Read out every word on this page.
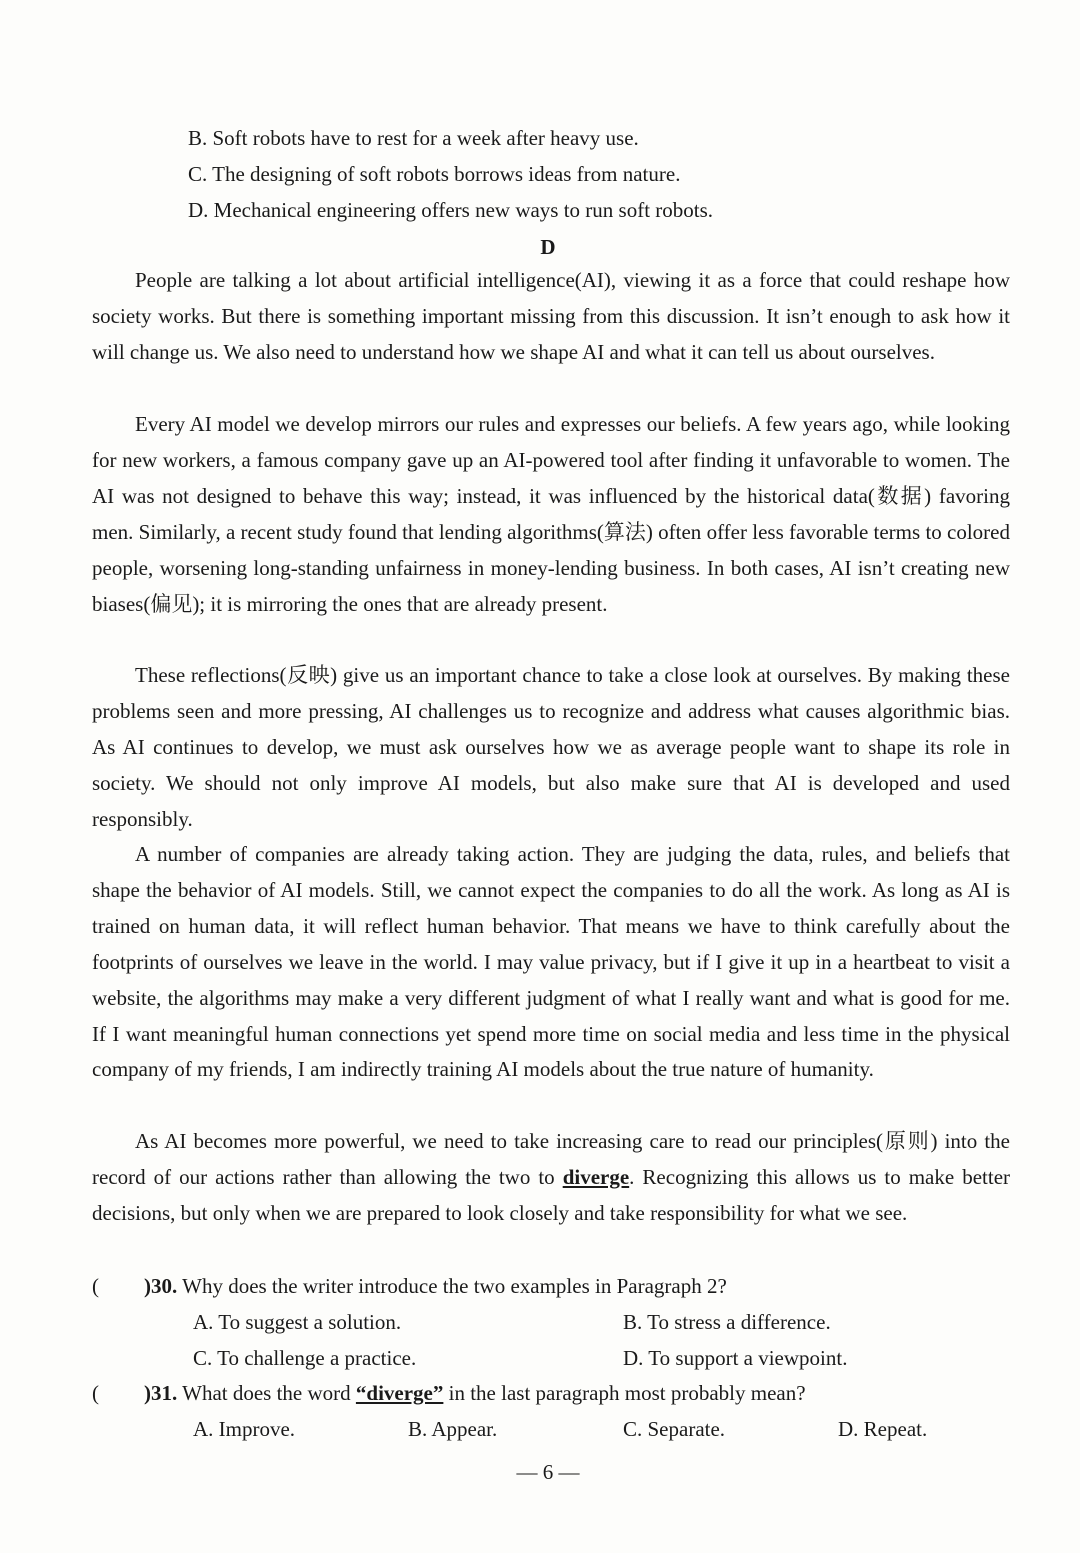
B. Soft robots have to rest for a week after heavy use.
C. The designing of soft robots borrows ideas from nature.
D. Mechanical engineering offers new ways to run soft robots.
D

People are talking a lot about artificial intelligence(AI), viewing it as a force that could reshape how society works. But there is something important missing from this discussion. It isn’t enough to ask how it will change us. We also need to understand how we shape AI and what it can tell us about ourselves.

Every AI model we develop mirrors our rules and expresses our beliefs. A few years ago, while looking for new workers, a famous company gave up an AI-powered tool after finding it unfavorable to women. The AI was not designed to behave this way; instead, it was influenced by the historical data(数据) favoring men. Similarly, a recent study found that lending algorithms(算法) often offer less favorable terms to colored people, worsening long-standing unfairness in money-lending business. In both cases, AI isn’t creating new biases(偏见); it is mirroring the ones that are already present.

These reflections(反映) give us an important chance to take a close look at ourselves. By making these problems seen and more pressing, AI challenges us to recognize and address what causes algorithmic bias. As AI continues to develop, we must ask ourselves how we as average people want to shape its role in society. We should not only improve AI models, but also make sure that AI is developed and used responsibly.

A number of companies are already taking action. They are judging the data, rules, and beliefs that shape the behavior of AI models. Still, we cannot expect the companies to do all the work. As long as AI is trained on human data, it will reflect human behavior. That means we have to think carefully about the footprints of ourselves we leave in the world. I may value privacy, but if I give it up in a heartbeat to visit a website, the algorithms may make a very different judgment of what I really want and what is good for me. If I want meaningful human connections yet spend more time on social media and less time in the physical company of my friends, I am indirectly training AI models about the true nature of humanity.

As AI becomes more powerful, we need to take increasing care to read our principles(原则) into the record of our actions rather than allowing the two to diverge. Recognizing this allows us to make better decisions, but only when we are prepared to look closely and take responsibility for what we see.

( )30. Why does the writer introduce the two examples in Paragraph 2?
A. To suggest a solution.	B. To stress a difference.
C. To challenge a practice.	D. To support a viewpoint.
( )31. What does the word “diverge” in the last paragraph most probably mean?
A. Improve.	B. Appear.	C. Separate.	D. Repeat.
— 6 —
